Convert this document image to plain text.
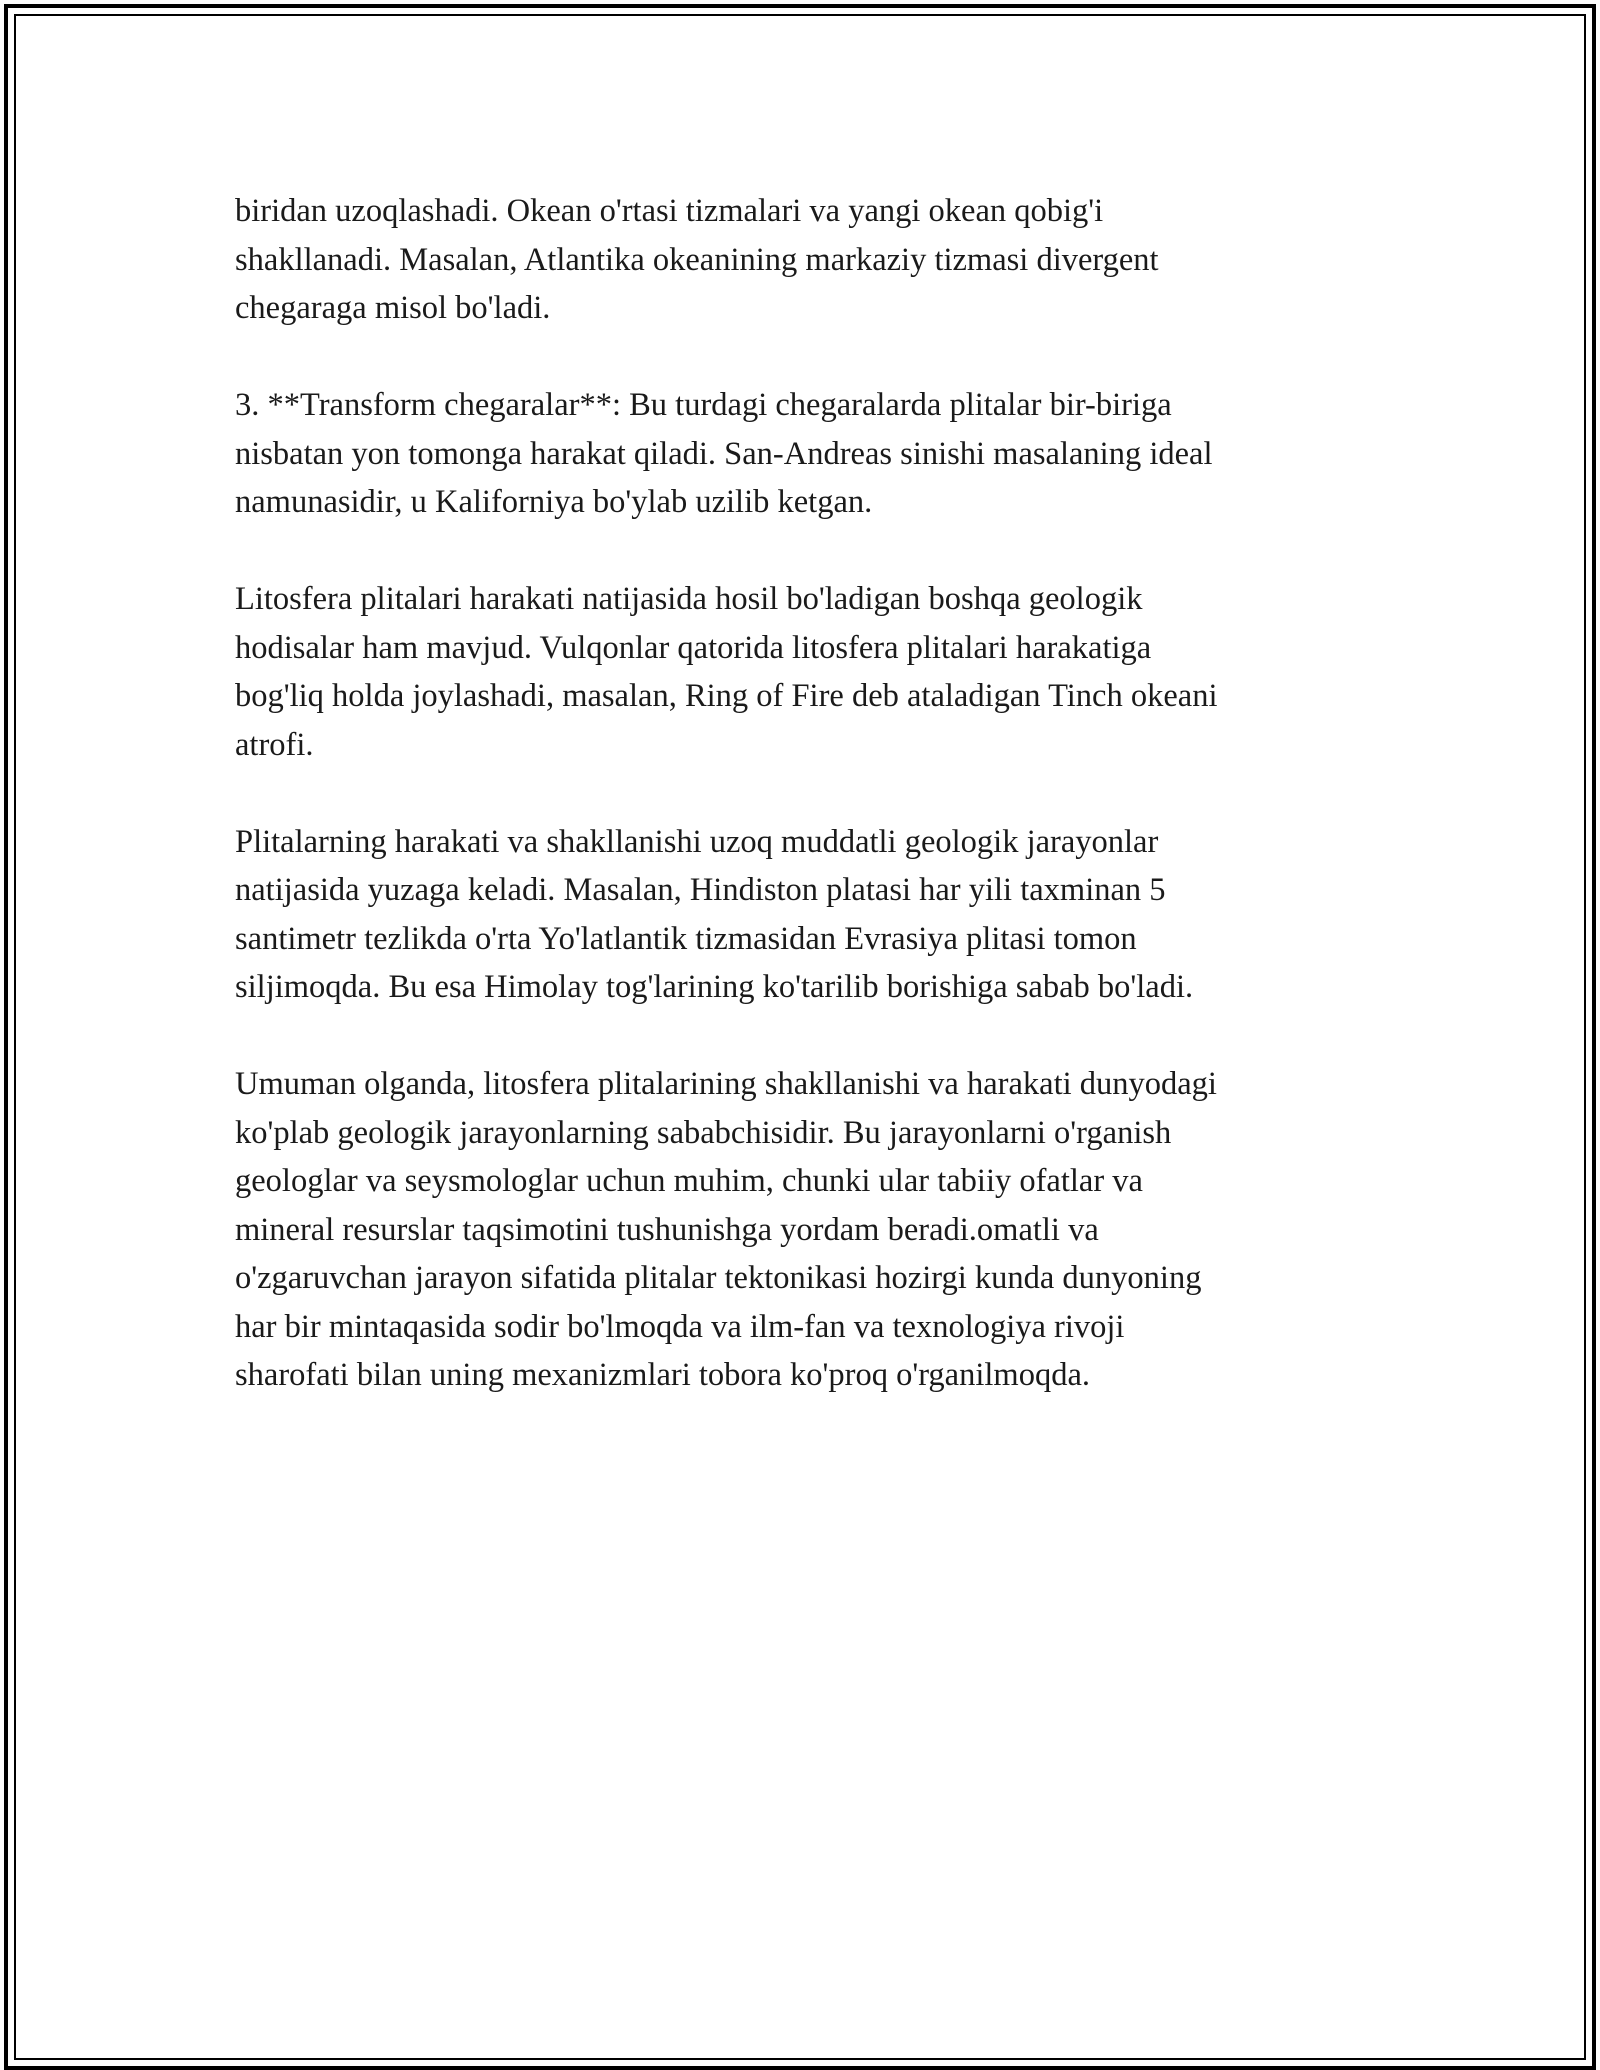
biridan uzoqlashadi. Okean o'rtasi tizmalari va yangi okean qobig'i
shakllanadi. Masalan, Atlantika okeanining markaziy tizmasi divergent
chegaraga misol bo'ladi.

3. **Transform chegaralar**: Bu turdagi chegaralarda plitalar bir-biriga
nisbatan yon tomonga harakat qiladi. San-Andreas sinishi masalaning ideal
namunasidir, u Kaliforniya bo'ylab uzilib ketgan.

Litosfera plitalari harakati natijasida hosil bo'ladigan boshqa geologik
hodisalar ham mavjud. Vulqonlar qatorida litosfera plitalari harakatiga
bog'liq holda joylashadi, masalan, Ring of Fire deb ataladigan Tinch okeani
atrofi.

Plitalarning harakati va shakllanishi uzoq muddatli geologik jarayonlar
natijasida yuzaga keladi. Masalan, Hindiston platasi har yili taxminan 5
santimetr tezlikda o'rta Yo'latlantik tizmasidan Evrasiya plitasi tomon
siljimoqda. Bu esa Himolay tog'larining ko'tarilib borishiga sabab bo'ladi.

Umuman olganda, litosfera plitalarining shakllanishi va harakati dunyodagi
ko'plab geologik jarayonlarning sababchisidir. Bu jarayonlarni o'rganish
geologlar va seysmologlar uchun muhim, chunki ular tabiiy ofatlar va
mineral resurslar taqsimotini tushunishga yordam beradi.omatli va
o'zgaruvchan jarayon sifatida plitalar tektonikasi hozirgi kunda dunyoning
har bir mintaqasida sodir bo'lmoqda va ilm-fan va texnologiya rivoji
sharofati bilan uning mexanizmlari tobora ko'proq o'rganilmoqda.
